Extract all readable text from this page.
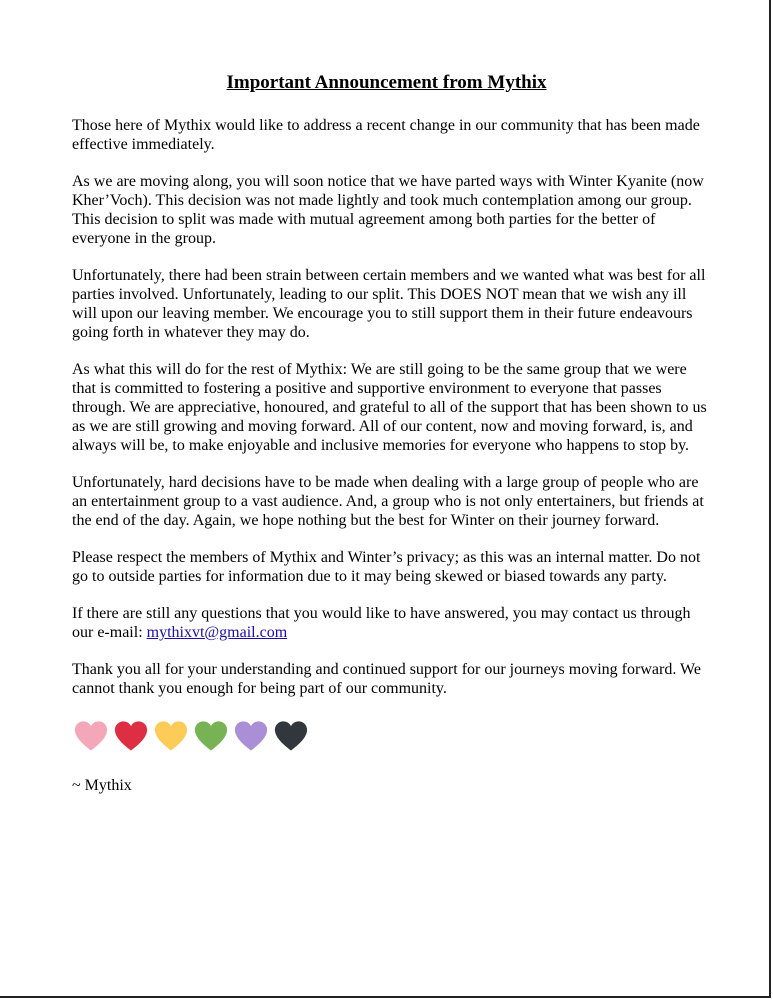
Important Announcement from Mythix

Those here of Mythix would like to address a recent change in our community that has been made effective immediately.

As we are moving along, you will soon notice that we have parted ways with Winter Kyanite (now Kher’Voch). This decision was not made lightly and took much contemplation among our group. This decision to split was made with mutual agreement among both parties for the better of everyone in the group.

Unfortunately, there had been strain between certain members and we wanted what was best for all parties involved. Unfortunately, leading to our split. This DOES NOT mean that we wish any ill will upon our leaving member. We encourage you to still support them in their future endeavours going forth in whatever they may do.

As what this will do for the rest of Mythix: We are still going to be the same group that we were that is committed to fostering a positive and supportive environment to everyone that passes through. We are appreciative, honoured, and grateful to all of the support that has been shown to us as we are still growing and moving forward. All of our content, now and moving forward, is, and always will be, to make enjoyable and inclusive memories for everyone who happens to stop by.

Unfortunately, hard decisions have to be made when dealing with a large group of people who are an entertainment group to a vast audience. And, a group who is not only entertainers, but friends at the end of the day. Again, we hope nothing but the best for Winter on their journey forward.

Please respect the members of Mythix and Winter’s privacy; as this was an internal matter. Do not go to outside parties for information due to it may being skewed or biased towards any party.

If there are still any questions that you would like to have answered, you may contact us through our e-mail: mythixvt@gmail.com

Thank you all for your understanding and continued support for our journeys moving forward. We cannot thank you enough for being part of our community.

~ Mythix
